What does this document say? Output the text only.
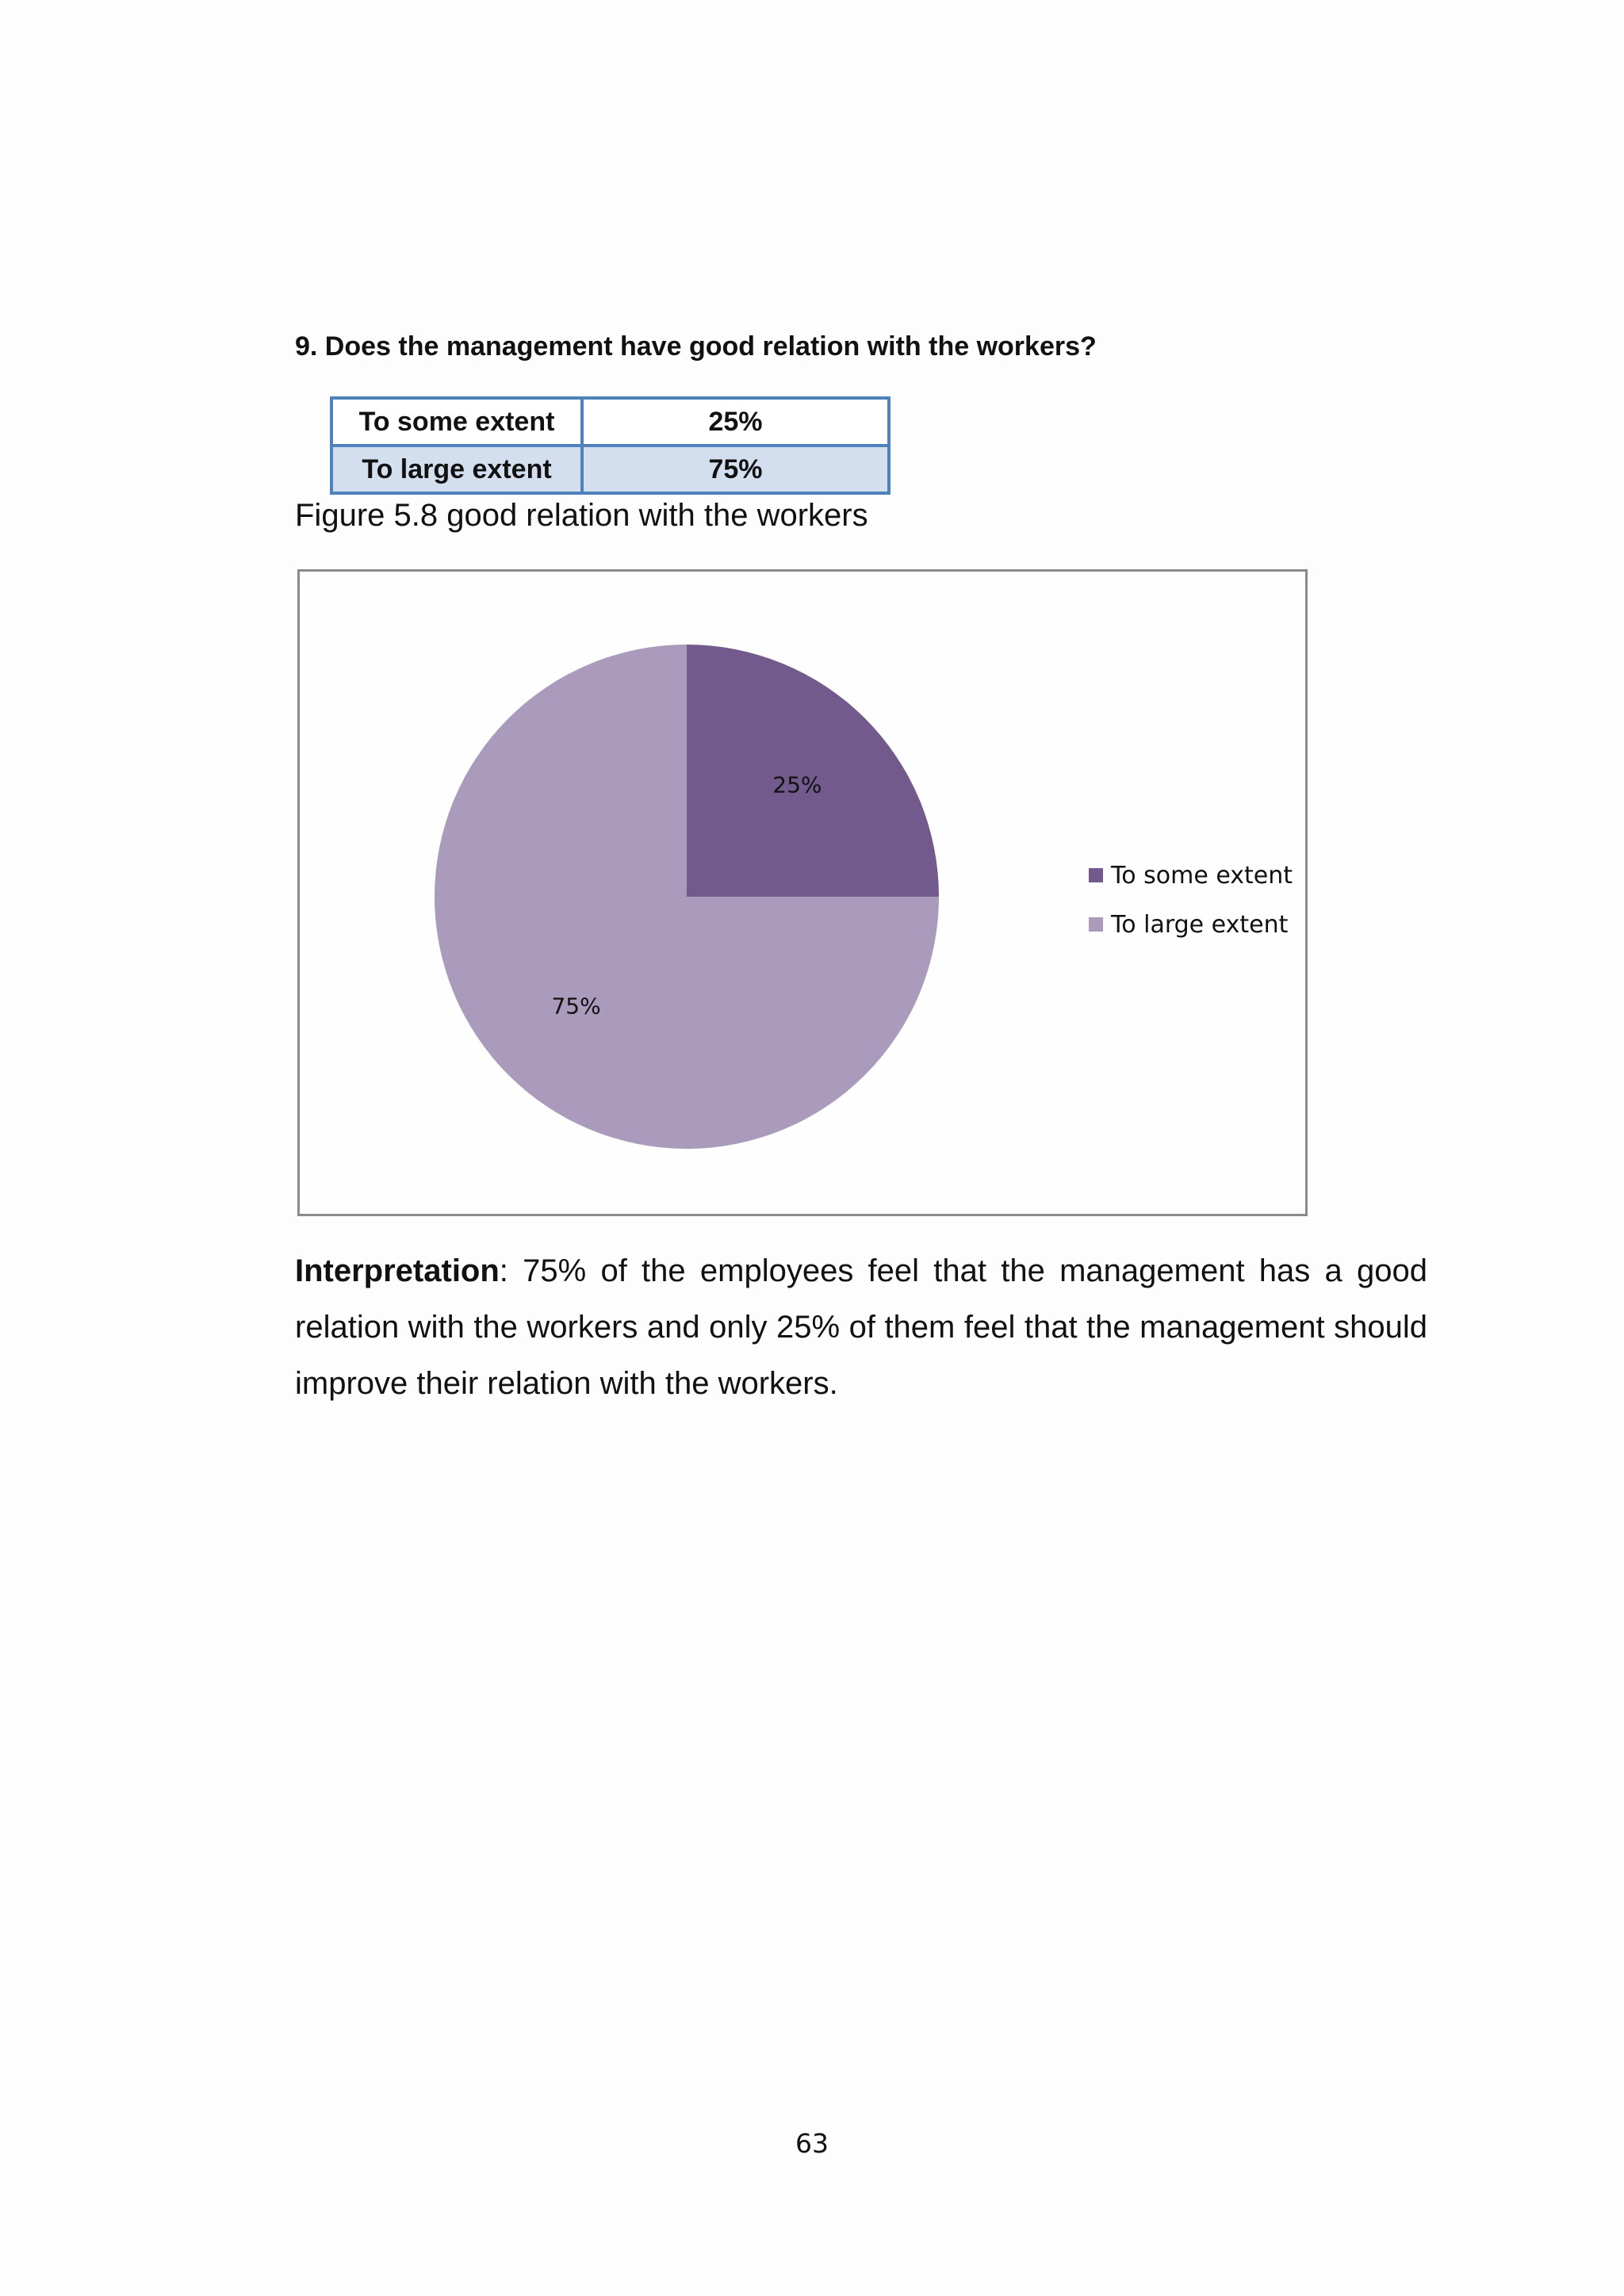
9. Does the management have good relation with the workers?

To some extent	25%
To large extent	75%

Figure 5.8 good relation with the workers

25%
75%
To some extent
To large extent

Interpretation: 75% of the employees feel that the management has a good relation with the workers and only 25% of them feel that the management should improve their relation with the workers.

63
